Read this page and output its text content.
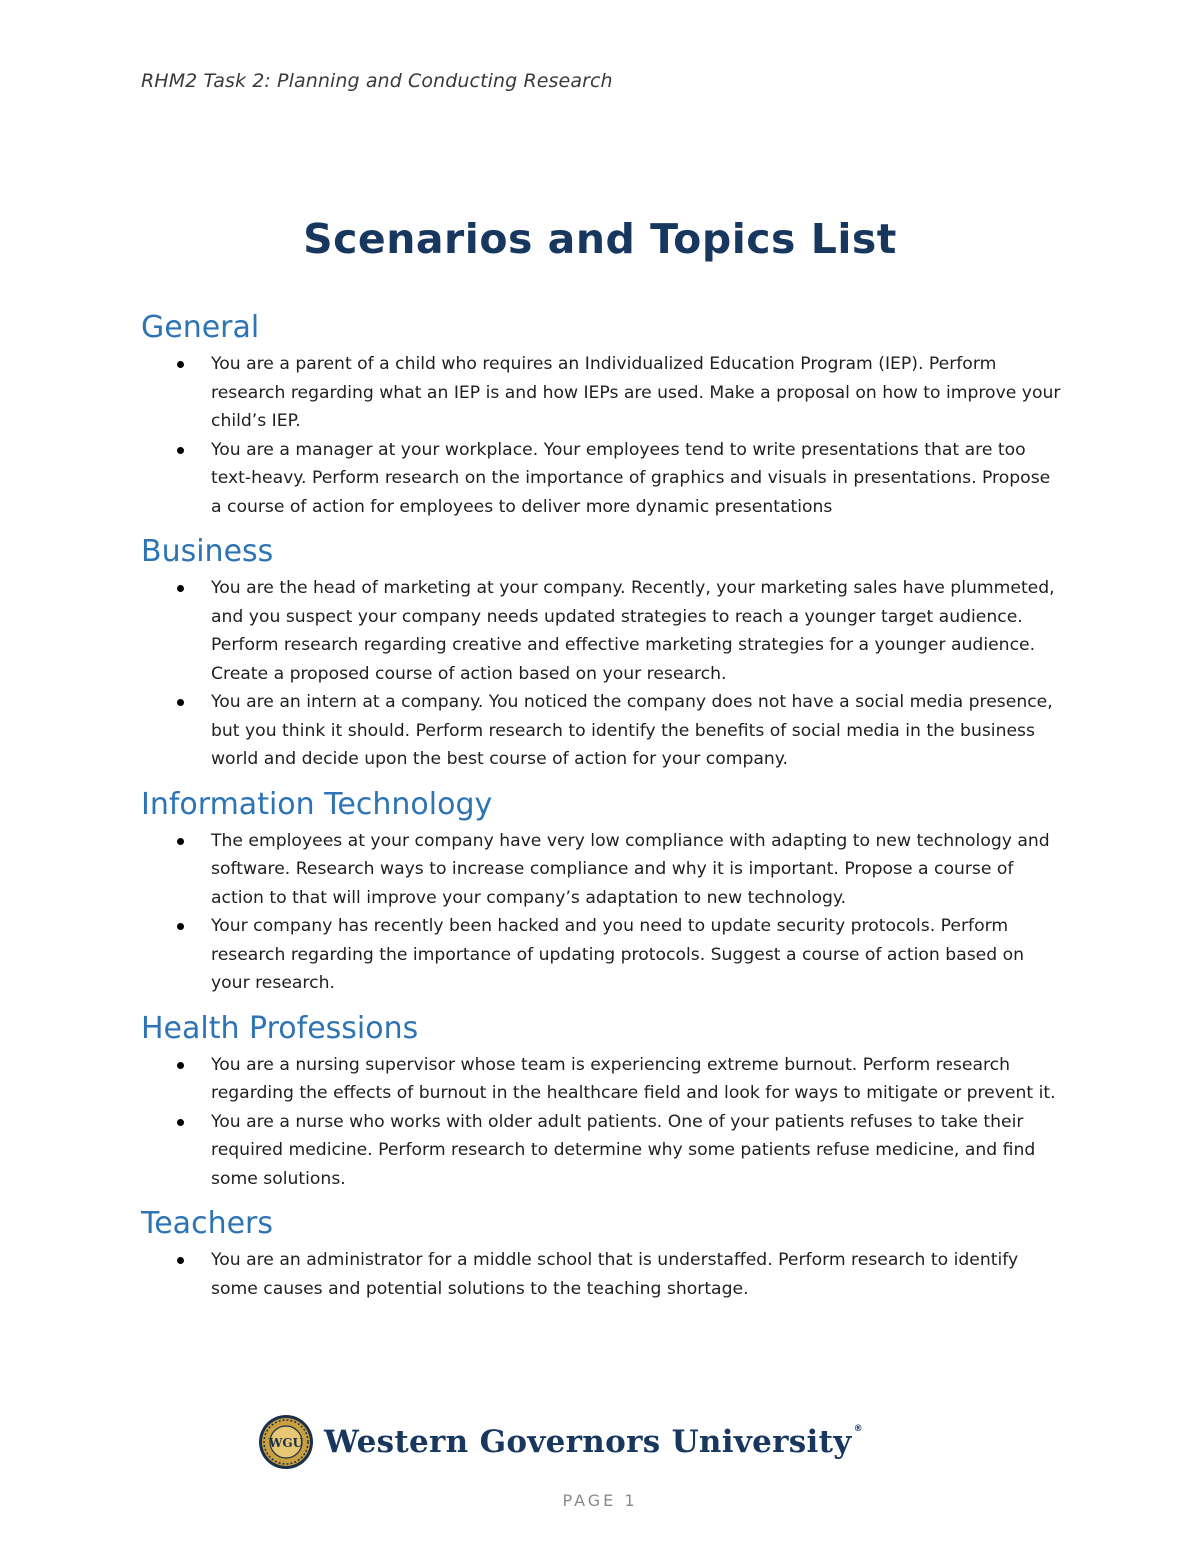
RHM2 Task 2: Planning and Conducting Research
Scenarios and Topics List
General
You are a parent of a child who requires an Individualized Education Program (IEP). Perform research regarding what an IEP is and how IEPs are used. Make a proposal on how to improve your child’s IEP.
You are a manager at your workplace. Your employees tend to write presentations that are too text-heavy. Perform research on the importance of graphics and visuals in presentations. Propose a course of action for employees to deliver more dynamic presentations
Business
You are the head of marketing at your company. Recently, your marketing sales have plummeted, and you suspect your company needs updated strategies to reach a younger target audience. Perform research regarding creative and effective marketing strategies for a younger audience. Create a proposed course of action based on your research.
You are an intern at a company. You noticed the company does not have a social media presence, but you think it should. Perform research to identify the benefits of social media in the business world and decide upon the best course of action for your company.
Information Technology
The employees at your company have very low compliance with adapting to new technology and software. Research ways to increase compliance and why it is important. Propose a course of action to that will improve your company’s adaptation to new technology.
Your company has recently been hacked and you need to update security protocols. Perform research regarding the importance of updating protocols. Suggest a course of action based on your research.
Health Professions
You are a nursing supervisor whose team is experiencing extreme burnout. Perform research regarding the effects of burnout in the healthcare field and look for ways to mitigate or prevent it.
You are a nurse who works with older adult patients. One of your patients refuses to take their required medicine. Perform research to determine why some patients refuse medicine, and find some solutions.
Teachers
You are an administrator for a middle school that is understaffed. Perform research to identify some causes and potential solutions to the teaching shortage.
WGU Western Governors University ®
PAGE 1
